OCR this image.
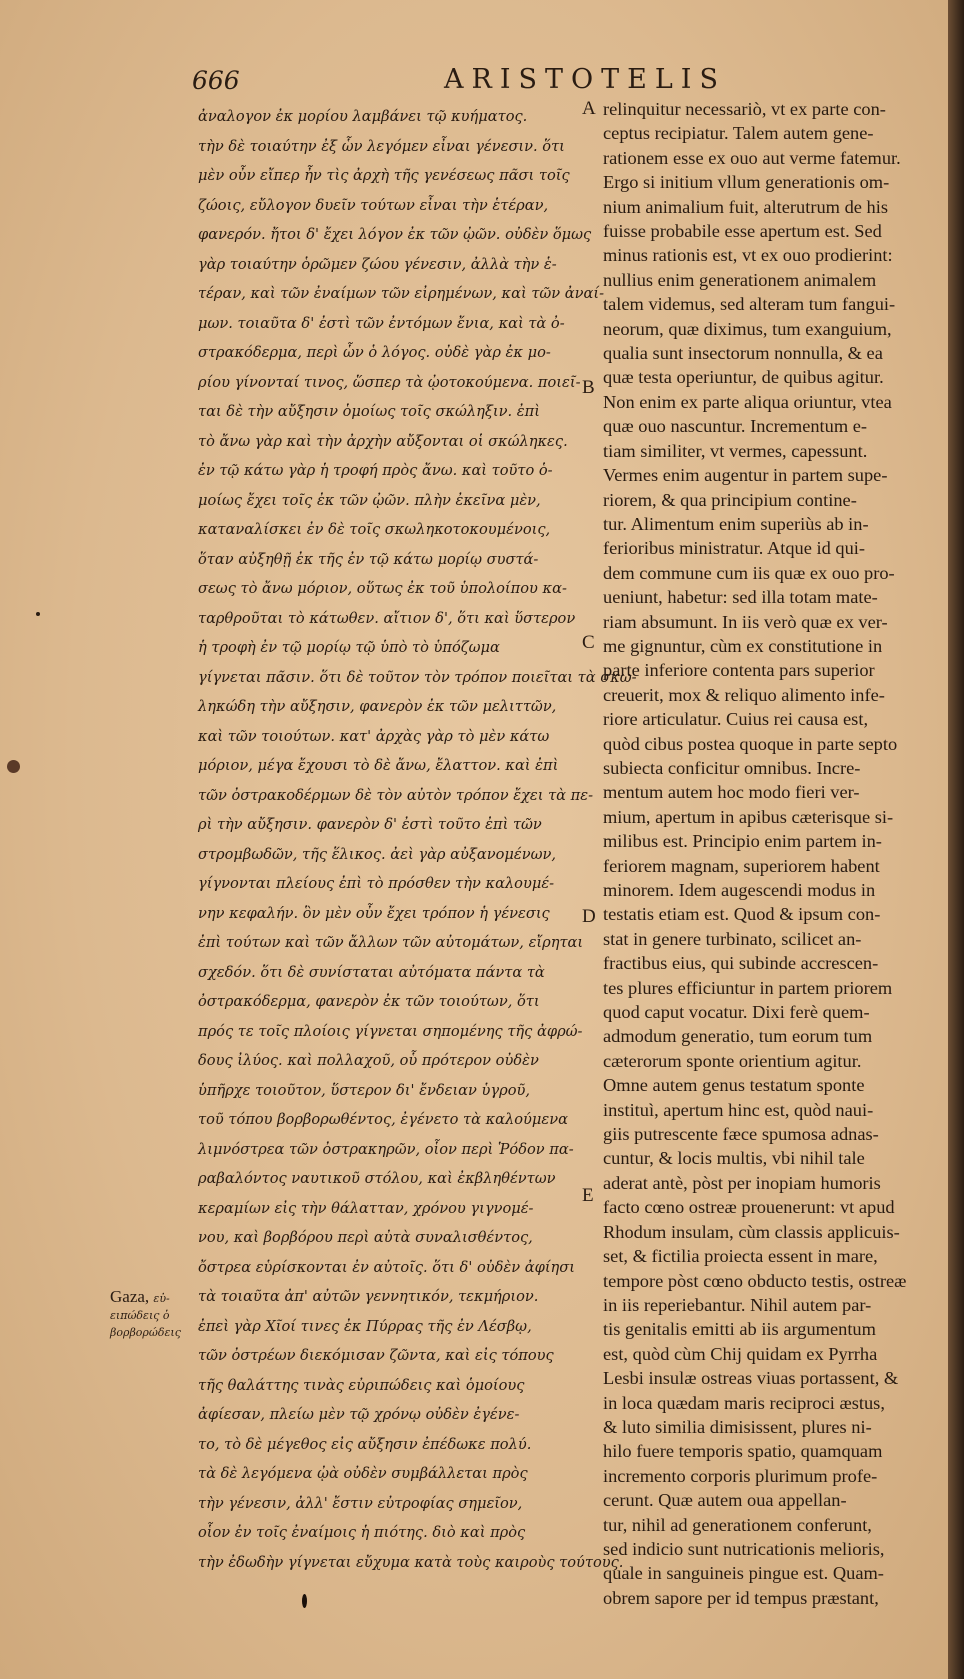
666	ARISTOTELIS
ἀναλογον ἐκ μορίου λαμβάνει τῷ κυήματος.
τὴν δὲ τοιαύτην ἐξ ὧν λεγόμεν εἶναι γένεσιν. ὅτι
μὲν οὖν εἴπερ ἦν τὶς ἀρχὴ τῆς γενέσεως πᾶσι τοῖς
ζώοις, εὔλογον δυεῖν τούτων εἶναι τὴν ἑτέραν,
φανερόν. ἤτοι δ' ἔχει λόγον ἐκ τῶν ᾠῶν. οὐδὲν ὅμως
γὰρ τοιαύτην ὁρῶμεν ζώου γένεσιν, ἀλλὰ τὴν ἑ-
τέραν, καὶ τῶν ἐναίμων τῶν εἰρημένων, καὶ τῶν ἀναί-
μων. τοιαῦτα δ' ἐστὶ τῶν ἐντόμων ἔνια, καὶ τὰ ὀ-
στρακόδερμα, περὶ ὧν ὁ λόγος. οὐδὲ γὰρ ἐκ μο-
ρίου γίνονταί τινος, ὥσπερ τὰ ᾠοτοκούμενα. ποιεῖ-
ται δὲ τὴν αὔξησιν ὁμοίως τοῖς σκώληξιν. ἐπὶ
τὸ ἄνω γὰρ καὶ τὴν ἀρχὴν αὔξονται οἱ σκώληκες.
ἐν τῷ κάτω γὰρ ἡ τροφή πρὸς ἄνω. καὶ τοῦτο ὁ-
μοίως ἔχει τοῖς ἐκ τῶν ᾠῶν. πλὴν ἐκεῖνα μὲν,
καταναλίσκει ἐν δὲ τοῖς σκωληκοτοκουμένοις,
ὅταν αὐξηθῇ ἐκ τῆς ἐν τῷ κάτω μορίῳ συστά-
σεως τὸ ἄνω μόριον, οὕτως ἐκ τοῦ ὑπολοίπου κα-
ταρθροῦται τὸ κάτωθεν. αἴτιον δ', ὅτι καὶ ὕστερον
ἡ τροφὴ ἐν τῷ μορίῳ τῷ ὑπὸ τὸ ὑπόζωμα
γίγνεται πᾶσιν. ὅτι δὲ τοῦτον τὸν τρόπον ποιεῖται τὰ σκω-
ληκώδη τὴν αὔξησιν, φανερὸν ἐκ τῶν μελιττῶν,
καὶ τῶν τοιούτων. κατ' ἀρχὰς γὰρ τὸ μὲν κάτω
μόριον, μέγα ἔχουσι τὸ δὲ ἄνω, ἔλαττον. καὶ ἐπὶ
τῶν ὀστρακοδέρμων δὲ τὸν αὐτὸν τρόπον ἔχει τὰ πε-
ρὶ τὴν αὔξησιν. φανερὸν δ' ἐστὶ τοῦτο ἐπὶ τῶν
στρομβωδῶν, τῆς ἕλικος. ἀεὶ γὰρ αὐξανομένων,
γίγνονται πλείους ἐπὶ τὸ πρόσθεν τὴν καλουμέ-
νην κεφαλήν. ὃν μὲν οὖν ἔχει τρόπον ἡ γένεσις
ἐπὶ τούτων καὶ τῶν ἄλλων τῶν αὐτομάτων, εἴρηται
σχεδόν. ὅτι δὲ συνίσταται αὐτόματα πάντα τὰ
ὀστρακόδερμα, φανερὸν ἐκ τῶν τοιούτων, ὅτι
πρός τε τοῖς πλοίοις γίγνεται σηπομένης τῆς ἀφρώ-
δους ἰλύος. καὶ πολλαχοῦ, οὗ πρότερον οὐδὲν
ὑπῆρχε τοιοῦτον, ὕστερον δι' ἔνδειαν ὑγροῦ,
τοῦ τόπου βορβορωθέντος, ἐγένετο τὰ καλούμενα
λιμνόστρεα τῶν ὀστρακηρῶν, οἷον περὶ Ῥόδον πα-
ραβαλόντος ναυτικοῦ στόλου, καὶ ἐκβληθέντων
κεραμίων εἰς τὴν θάλατταν, χρόνου γιγνομέ-
νου, καὶ βορβόρου περὶ αὐτὰ συναλισθέντος,
ὄστρεα εὑρίσκονται ἐν αὐτοῖς. ὅτι δ' οὐδὲν ἀφίησι
τὰ τοιαῦτα ἀπ' αὐτῶν γεννητικόν, τεκμήριον.
ἐπεὶ γὰρ Χῖοί τινες ἐκ Πύρρας τῆς ἐν Λέσβῳ,
τῶν ὀστρέων διεκόμισαν ζῶντα, καὶ εἰς τόπους
τῆς θαλάττης τινὰς εὐριπώδεις καὶ ὁμοίους
ἀφίεσαν, πλείω μὲν τῷ χρόνῳ οὐδὲν ἐγένε-
το, τὸ δὲ μέγεθος εἰς αὔξησιν ἐπέδωκε πολύ.
τὰ δὲ λεγόμενα ᾠὰ οὐδὲν συμβάλλεται πρὸς
τὴν γένεσιν, ἀλλ' ἔστιν εὐτροφίας σημεῖον,
οἷον ἐν τοῖς ἐναίμοις ἡ πιότης. διὸ καὶ πρὸς
τὴν ἐδωδὴν γίγνεται εὔχυμα κατὰ τοὺς καιροὺς τούτους.
relinquitur necessariò, vt ex parte con-
ceptus recipiatur. Talem autem gene-
rationem esse ex ouo aut verme fatemur.
Ergo si initium vllum generationis om-
nium animalium fuit, alterutrum de his
fuisse probabile esse apertum est. Sed
minus rationis est, vt ex ouo prodierint:
nullius enim generationem animalem
talem videmus, sed alteram tum fangui-
neorum, quæ diximus, tum exanguium,
qualia sunt insectorum nonnulla, & ea
quæ testa operiuntur, de quibus agitur.
Non enim ex parte aliqua oriuntur, vtea
quæ ouo nascuntur. Incrementum e-
tiam similiter, vt vermes, capessunt.
Vermes enim augentur in partem supe-
riorem, & qua principium contine-
tur. Alimentum enim superiùs ab in-
ferioribus ministratur. Atque id qui-
dem commune cum iis quæ ex ouo pro-
ueniunt, habetur: sed illa totam mate-
riam absumunt. In iis verò quæ ex ver-
me gignuntur, cùm ex constitutione in
parte inferiore contenta pars superior
creuerit, mox & reliquo alimento infe-
riore articulatur. Cuius rei causa est,
quòd cibus postea quoque in parte septo
subiecta conficitur omnibus. Incre-
mentum autem hoc modo fieri ver-
mium, apertum in apibus cæterisque si-
milibus est. Principio enim partem in-
feriorem magnam, superiorem habent
minorem. Idem augescendi modus in
testatis etiam est. Quod & ipsum con-
stat in genere turbinato, scilicet an-
fractibus eius, qui subinde accrescen-
tes plures efficiuntur in partem priorem
quod caput vocatur. Dixi ferè quem-
admodum generatio, tum eorum tum
cæterorum sponte orientium agitur.
Omne autem genus testatum sponte
instituì, apertum hinc est, quòd naui-
giis putrescente fæce spumosa adnas-
cuntur, & locis multis, vbi nihil tale
aderat antè, pòst per inopiam humoris
facto cœno ostreæ prouenerunt: vt apud
Rhodum insulam, cùm classis applicuis-
set, & fictilia proiecta essent in mare,
tempore pòst cœno obducto testis, ostreæ
in iis reperiebantur. Nihil autem par-
tis genitalis emitti ab iis argumentum
est, quòd cùm Chij quidam ex Pyrrha
Lesbi insulæ ostreas viuas portassent, &
in loca quædam maris reciproci æstus,
& luto similia dimisissent, plures ni-
hilo fuere temporis spatio, quamquam
incremento corporis plurimum profe-
cerunt. Quæ autem oua appellan-
tur, nihil ad generationem conferunt,
sed indicio sunt nutricationis melioris,
quale in sanguineis pingue est. Quam-
obrem sapore per id tempus præstant,
A
B
C
D
E
Gaza, εὐ-
ειπώδεις ὁ
βορβορώδεις
